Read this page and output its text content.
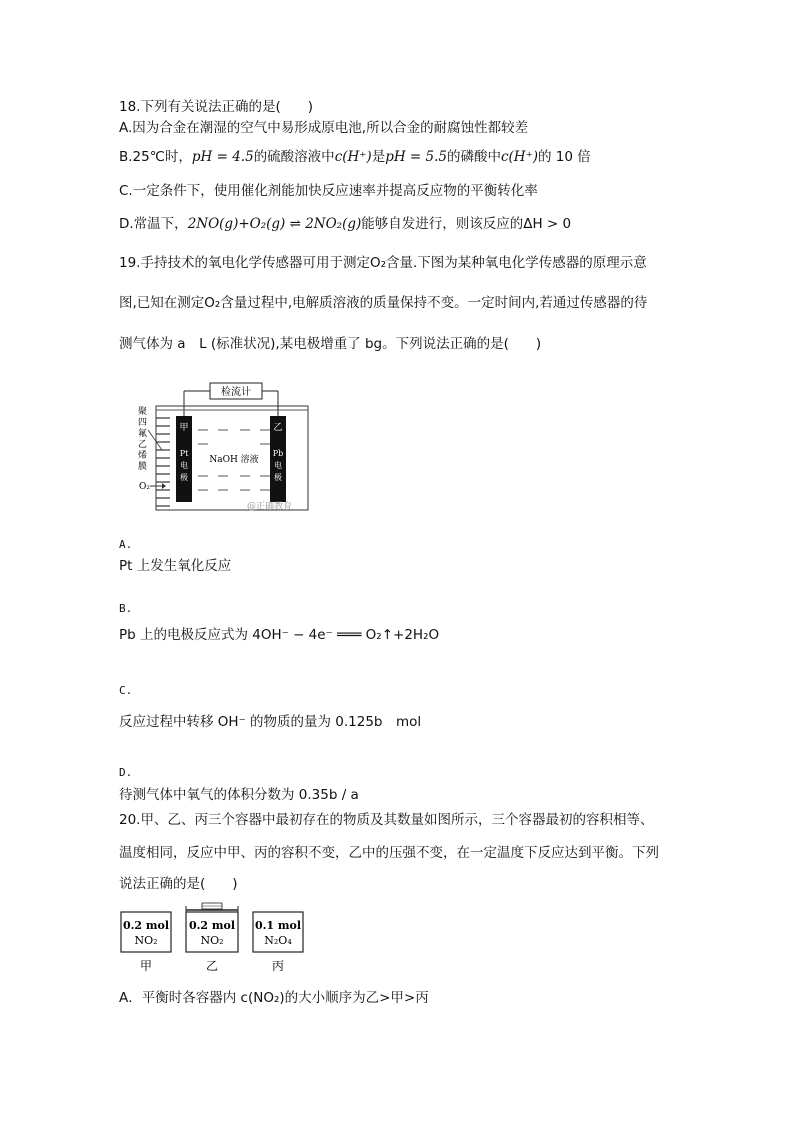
18.下列有关说法正确的是(　　)
A.因为合金在潮湿的空气中易形成原电池,所以合金的耐腐蚀性都较差
B.25℃时，pH = 4.5的硫酸溶液中c(H⁺)是pH = 5.5的磷酸中c(H⁺)的 10 倍
C.一定条件下，使用催化剂能加快反应速率并提高反应物的平衡转化率
D.常温下，2NO(g)+O₂(g) ⇌ 2NO₂(g)能够自发进行，则该反应的ΔH > 0
19.手持技术的氧电化学传感器可用于测定O₂含量.下图为某种氧电化学传感器的原理示意
图,已知在测定O₂含量过程中,电解质溶液的质量保持不变。一定时间内,若通过传感器的待
测气体为 a　L (标准状况),某电极增重了 bg。下列说法正确的是(　　)
检流计
聚
四
氟
乙
烯
膜
O₂
NaOH 溶液
甲
Pt
电
极
乙
Pb
电
极
@正确教育
A.
Pt 上发生氧化反应
B.
Pb 上的电极反应式为 4OH⁻ − 4e⁻ ═══ O₂↑+2H₂O
C.
反应过程中转移 OH⁻ 的物质的量为 0.125b　mol
D.
待测气体中氧气的体积分数为 0.35b / a
20.甲、乙、丙三个容器中最初存在的物质及其数量如图所示，三个容器最初的容积相等、
温度相同，反应中甲、丙的容积不变，乙中的压强不变，在一定温度下反应达到平衡。下列
说法正确的是(　　)
0.2 mol
NO₂
甲
0.2 mol
NO₂
乙
0.1 mol
N₂O₄
丙
A．平衡时各容器内 c(NO₂)的大小顺序为乙>甲>丙
